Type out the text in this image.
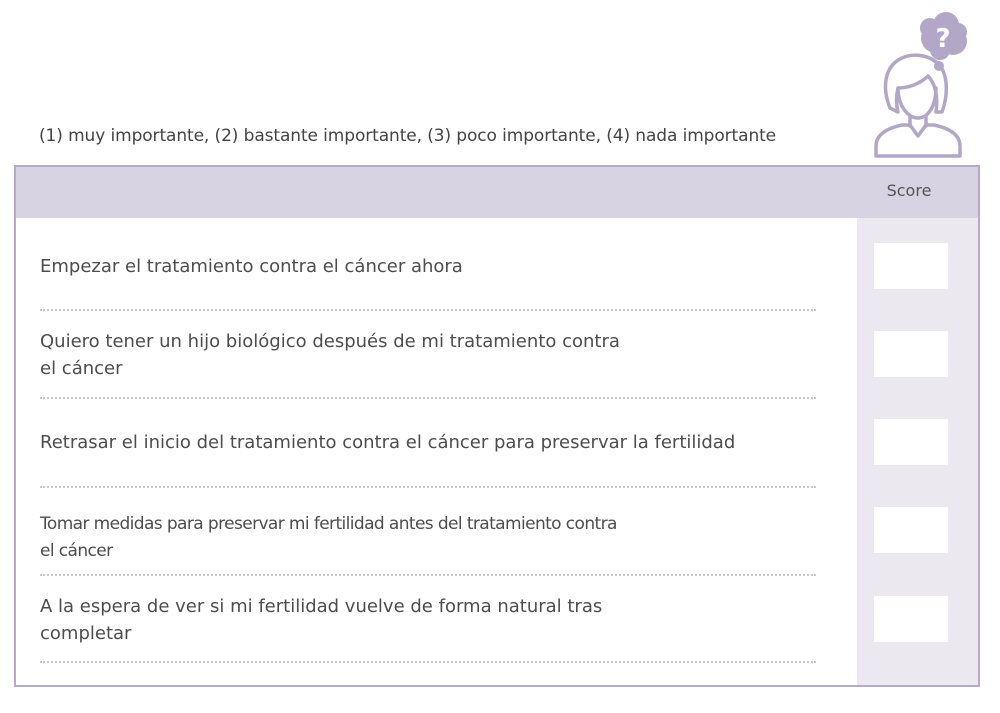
(1) muy importante, (2) bastante importante, (3) poco importante, (4) nada importante
?
Score
Empezar el tratamiento contra el cáncer ahora
Quiero tener un hijo biológico después de mi tratamiento contra
el cáncer
Retrasar el inicio del tratamiento contra el cáncer para preservar la fertilidad
Tomar medidas para preservar mi fertilidad antes del tratamiento contra
el cáncer
A la espera de ver si mi fertilidad vuelve de forma natural tras
completar
